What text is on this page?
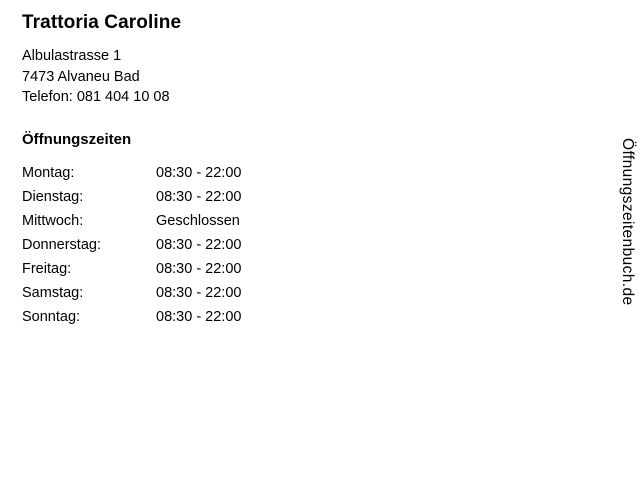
Trattoria Caroline

Albulastrasse 1

7473 Alvaneu Bad

Telefon: 081 404 10 08

Öffnungszeiten
Montag:	08:30 - 22:00
Dienstag:	08:30 - 22:00
Mittwoch:	Geschlossen
Donnerstag:	08:30 - 22:00
Freitag:	08:30 - 22:00
Samstag:	08:30 - 22:00
Sonntag:	08:30 - 22:00
Öffnungszeitenbuch.de
